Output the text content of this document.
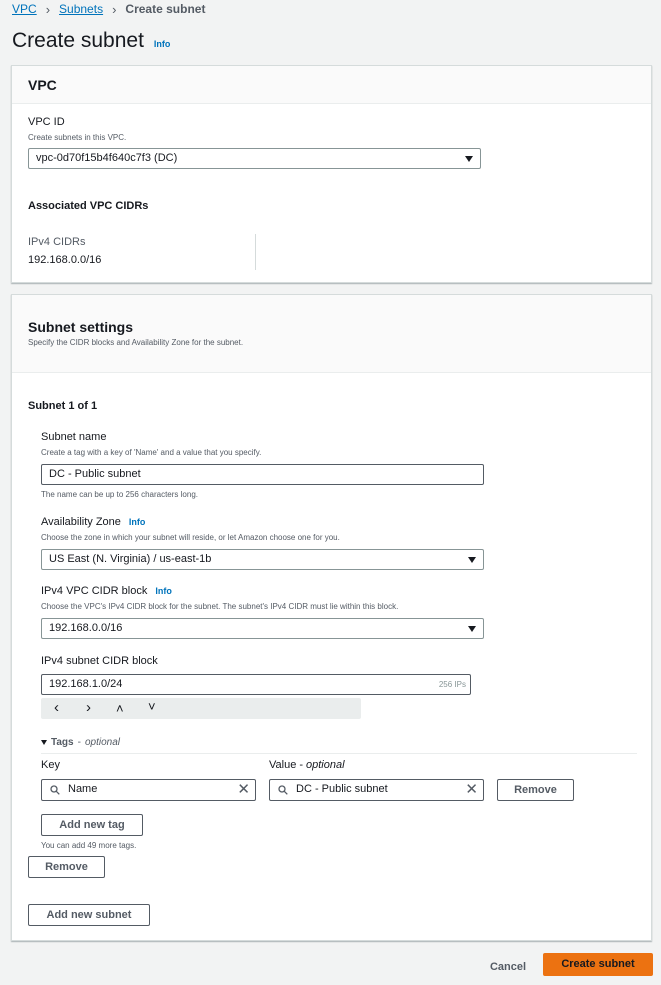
VPC › Subnets › Create subnet
Create subnet Info
VPC
VPC ID
Create subnets in this VPC.
vpc-0d70f15b4f640c7f3 (DC)
Associated VPC CIDRs
IPv4 CIDRs
192.168.0.0/16
Subnet settings
Specify the CIDR blocks and Availability Zone for the subnet.
Subnet 1 of 1
Subnet name
Create a tag with a key of 'Name' and a value that you specify.
DC - Public subnet
The name can be up to 256 characters long.
Availability Zone Info
Choose the zone in which your subnet will reside, or let Amazon choose one for you.
US East (N. Virginia) / us-east-1b
IPv4 VPC CIDR block Info
Choose the VPC's IPv4 CIDR block for the subnet. The subnet's IPv4 CIDR must lie within this block.
192.168.0.0/16
IPv4 subnet CIDR block
192.168.1.0/24	256 IPs
‹ › ˄ ˅
Tags - optional
Key	Value - optional
Name	✕	DC - Public subnet	✕	Remove
Add new tag
You can add 49 more tags.
Remove
Add new subnet
Cancel	Create subnet
